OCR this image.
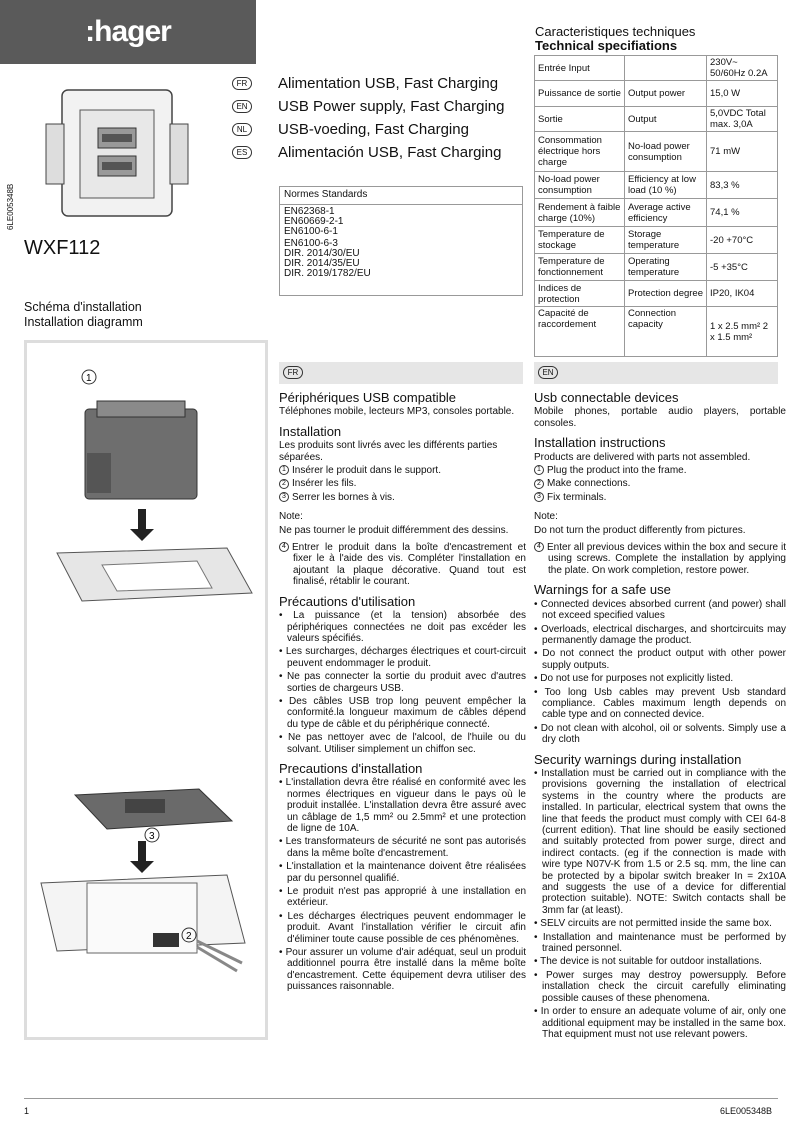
:hager
6LE005348B
WXF112
FR	Alimentation USB, Fast Charging
EN USB Power supply, Fast Charging
NL	USB-voeding, Fast Charging
ES	Alimentación USB, Fast Charging
Normes Standards
EN62368-1
EN60669-2-1
EN6100-6-1
EN6100-6-3
DIR. 2014/30/EU
DIR. 2014/35/EU
DIR. 2019/1782/EU
Schéma d'installation
Installation diagramm
1
3
2
Caracteristiques techniques
Technical specifiations
Entrée Input		230V~ 50/60Hz 0.2A
Puissance de sortie	Output power	15,0 W
Sortie	Output	5,0VDC Total max. 3,0A
Consommation électrique hors charge	No-load power consumption	71 mW
No-load power consumption	Efficiency at low load (10 %)	83,3 %
Rendement à faible charge (10%)	Average active efficiency	74,1 %
Temperature de stockage	Storage temperature	-20 +70°C
Temperature de fonctionnement	Operating temperature	-5 +35°C
Indices de protection	Protection degree	IP20, IK04
Capacité de raccordement	Connection capacity	1 x 2.5 mm² 2 x 1.5 mm²
FR	EN
Périphériques USB compatible

Téléphones mobile, lecteurs MP3, consoles portable.

Installation

Les produits sont livrés avec les différents parties séparées.

1 Insérer le produit dans le support.

2 Insérer les fils.

3 Serrer les bornes à vis.

Note:

Ne pas tourner le produit différemment des dessins.

4 Entrer le produit dans la boîte d'encastrement et fixer le à l'aide des vis. Compléter l'installation en ajoutant la plaque décorative. Quand tout est finalisé, rétablir le courant.

Précautions d'utilisation

• La puissance (et la tension) absorbée des périphériques connectées ne doit pas excéder les valeurs spécifiés.

• Les surcharges, décharges électriques et court-circuit peuvent endommager le produit.

• Ne pas connecter la sortie du produit avec d'autres sorties de chargeurs USB.

• Des câbles USB trop long peuvent empêcher la conformité.la longueur maximum de câbles dépend du type de câble et du périphérique connecté.

• Ne pas nettoyer avec de l'alcool, de l'huile ou du solvant. Utiliser simplement un chiffon sec.

Precautions d'installation

• L'installation devra être réalisé en conformité avec les normes électriques en vigueur dans le pays où le produit installée. L'installation devra être assuré avec un câblage de 1,5 mm² ou 2.5mm² et une protection de ligne de 10A.

• Les transformateurs de sécurité ne sont pas autorisés dans la même boîte d'encastrement.

• L'installation et la maintenance doivent être réalisées par du personnel qualifié.

• Le produit n'est pas approprié à une installation en extérieur.

• Les décharges électriques peuvent endommager le produit. Avant l'installation vérifier le circuit afin d'éliminer toute cause possible de ces phénomènes.

• Pour assurer un volume d'air adéquat, seul un produit additionnel pourra être installé dans la même boîte d'encastrement. Cette équipement devra utiliser des puissances raisonnable.

Usb connectable devices

Mobile phones, portable audio players, portable consoles.

Installation instructions

Products are delivered with parts not assembled.

1 Plug the product into the frame.

2 Make connections.

3 Fix terminals.

Note:

Do not turn the product differently from pictures.

4 Enter all previous devices within the box and secure it using screws. Complete the installation by applying the plate. On work completion, restore power.

Warnings for a safe use

• Connected devices absorbed current (and power) shall not exceed specified values

• Overloads, electrical discharges, and shortcircuits may permanently damage the product.

• Do not connect the product output with other power supply outputs.

• Do not use for purposes not explicitly listed.

• Too long Usb cables may prevent Usb standard compliance. Cables maximum length depends on cable type and on connected device.

• Do not clean with alcohol, oil or solvents. Simply use a dry cloth

Security warnings during installation

• Installation must be carried out in compliance with the provisions governing the installation of electrical systems in the country where the products are installed. In particular, electrical system that owns the line that feeds the product must comply with CEI 64-8 (current edition). That line should be easily sectioned and suitably protected from power surge, direct and indirect contacts. (eg if the connection is made with wire type N07V-K from 1.5 or 2.5 sq. mm, the line can be protected by a bipolar switch breaker In = 2x10A and suggests the use of a device for differential protection suitable). NOTE: Switch contacts shall be 3mm far (at least).

• SELV circuits are not permitted inside the same box.

• Installation and maintenance must be performed by trained personnel.

• The device is not suitable for outdoor installations.

• Power surges may destroy powersupply. Before installation check the circuit carefully eliminating possible causes of these phenomena.

• In order to ensure an adequate volume of air, only one additional equipment may be installed in the same box. That equipment must not use relevant powers.

1	6LE005348B
